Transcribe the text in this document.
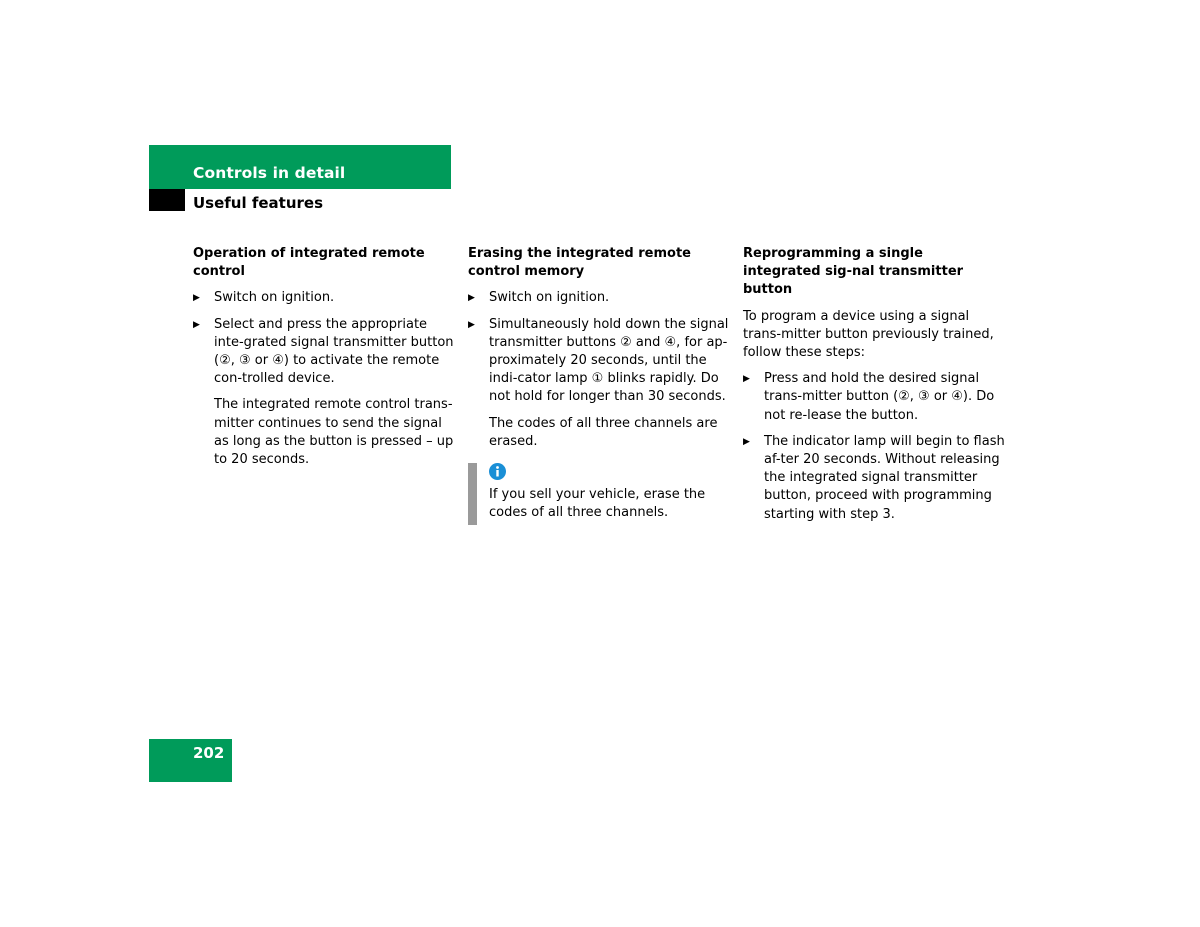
Controls in detail
Useful features
Operation of integrated remote control
▶ Switch on ignition.
▶ Select and press the appropriate inte-grated signal transmitter button (②, ③ or ④) to activate the remote con-trolled device.
The integrated remote control trans-mitter continues to send the signal as long as the button is pressed – up to 20 seconds.
Erasing the integrated remote control memory
▶ Switch on ignition.
▶ Simultaneously hold down the signal transmitter buttons ② and ④, for ap-proximately 20 seconds, until the indi-cator lamp ① blinks rapidly. Do not hold for longer than 30 seconds.
The codes of all three channels are erased.
If you sell your vehicle, erase the codes of all three channels.
Reprogramming a single integrated sig-nal transmitter button
To program a device using a signal trans-mitter button previously trained, follow these steps:
▶ Press and hold the desired signal trans-mitter button (②, ③ or ④). Do not re-lease the button.
▶ The indicator lamp will begin to flash af-ter 20 seconds. Without releasing the integrated signal transmitter button, proceed with programming starting with step 3.
202
